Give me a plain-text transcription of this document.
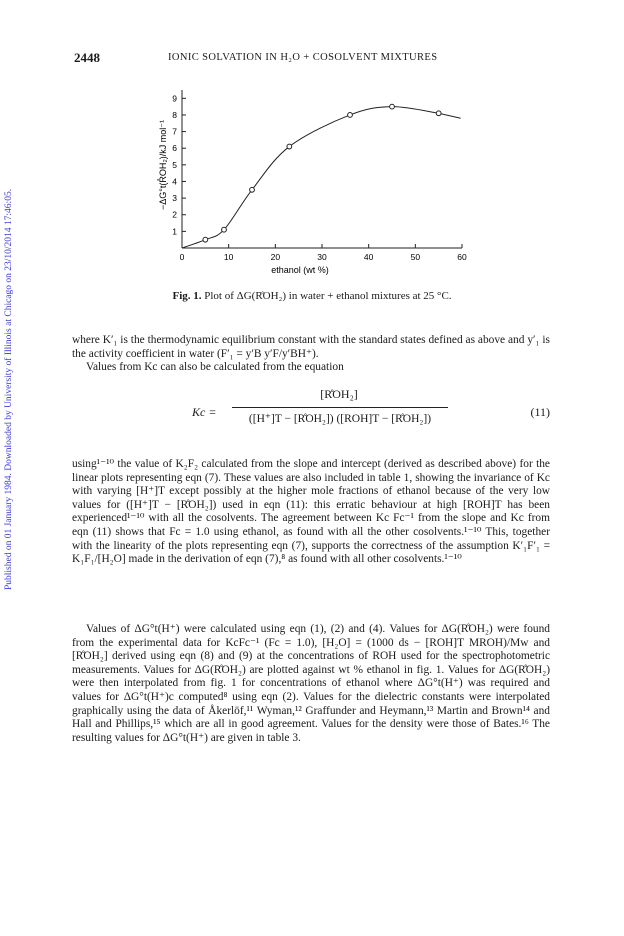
2448	IONIC SOLVATION IN H₂O + COSOLVENT MIXTURES
Published on 01 January 1984. Downloaded by University of Illinois at Chicago on 23/10/2014 17:46:05.	0	10	20	30	40	50	60
1
2
3
4
5
6
7
8
9
ethanol (wt %)
−ΔG°t(R̊OH₂)/kJ mol⁻¹
Fig. 1. Plot of ΔG(R̊OH₂) in water + ethanol mixtures at 25 °C.
where K′₁ is the thermodynamic equilibrium constant with the standard states defined as above and y′₁ is the activity coefficient in water (F′₁ = y′B y′F/y′BH⁺).
Values from Kc can also be calculated from the equation
Kc =
[R̊OH₂]
([H⁺]T − [R̊OH₂]) ([ROH]T − [R̊OH₂])	(11)
using¹⁻¹⁰ the value of K₂F₂ calculated from the slope and intercept (derived as described above) for the linear plots representing eqn (7). These values are also included in table 1, showing the invariance of Kc with varying [H⁺]T except possibly at the higher mole fractions of ethanol because of the very low values for ([H⁺]T − [R̊OH₂]) used in eqn (11): this erratic behaviour at high [ROH]T has been experienced¹⁻¹⁰ with all the cosolvents. The agreement between Kc Fc⁻¹ from the slope and Kc from eqn (11) shows that Fc = 1.0 using ethanol, as found with all the other cosolvents.¹⁻¹⁰ This, together with the linearity of the plots representing eqn (7), supports the correctness of the assumption K′₁F′₁ = K₁F₁/[H₂O] made in the derivation of eqn (7),⁸ as found with all other cosolvents.¹⁻¹⁰
Values of ΔG°t(H⁺) were calculated using eqn (1), (2) and (4). Values for ΔG(R̊OH₂) were found from the experimental data for KcFc⁻¹ (Fc = 1.0), [H₂O] = (1000 ds − [ROH]T MROH)/Mw and [R̊OH₂] derived using eqn (8) and (9) at the concentrations of ROH used for the spectrophotometric measurements. Values for ΔG(R̊OH₂) are plotted against wt % ethanol in fig. 1. Values for ΔG(R̊OH₂) were then interpolated from fig. 1 for concentrations of ethanol where ΔG°t(H⁺) was required and values for ΔG°t(H⁺)c computed⁸ using eqn (2). Values for the dielectric constants were interpolated graphically using the data of Åkerlöf,¹¹ Wyman,¹² Graffunder and Heymann,¹³ Martin and Brown¹⁴ and Hall and Phillips,¹⁵ which are all in good agreement. Values for the density were those of Bates.¹⁶ The resulting values for ΔG°t(H⁺) are given in table 3.
